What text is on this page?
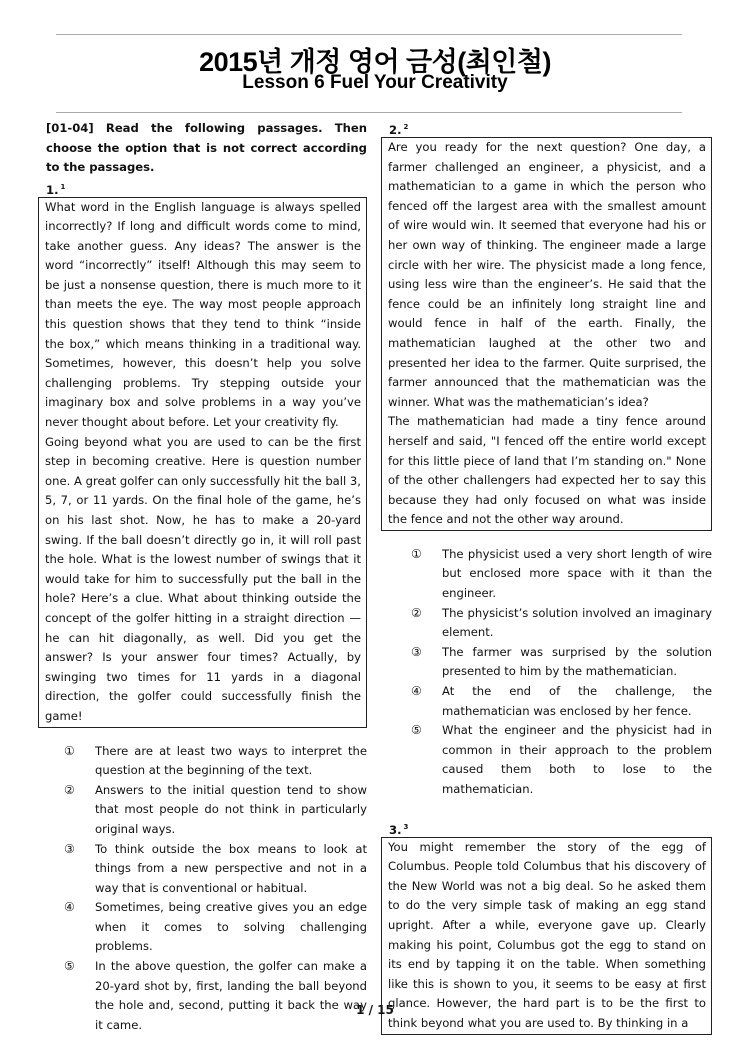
2015년 개정 영어 금성(최인철)
Lesson 6 Fuel Your Creativity
[01-04] Read the following passages. Then choose the option that is not correct according to the passages.
1. $^1$

What word in the English language is always spelled incorrectly? If long and difficult words come to mind, take another guess. Any ideas? The answer is the word “incorrectly” itself! Although this may seem to be just a nonsense question, there is much more to it than meets the eye. The way most people approach this question shows that they tend to think “inside the box,” which means thinking in a traditional way. Sometimes, however, this doesn’t help you solve challenging problems. Try stepping outside your imaginary box and solve problems in a way you’ve never thought about before. Let your creativity fly.

Going beyond what you are used to can be the first step in becoming creative. Here is question number one. A great golfer can only successfully hit the ball 3, 5, 7, or 11 yards. On the final hole of the game, he’s on his last shot. Now, he has to make a 20-yard swing. If the ball doesn’t directly go in, it will roll past the hole. What is the lowest number of swings that it would take for him to successfully put the ball in the hole? Here’s a clue. What about thinking outside the concept of the golfer hitting in a straight direction — he can hit diagonally, as well. Did you get the answer? Is your answer four times? Actually, by swinging two times for 11 yards in a diagonal direction, the golfer could successfully finish the game!

①	There are at least two ways to interpret the question at the beginning of the text.
②	Answers to the initial question tend to show that most people do not think in particularly original ways.
③	To think outside the box means to look at things from a new perspective and not in a way that is conventional or habitual.
④	Sometimes, being creative gives you an edge when it comes to solving challenging problems.
⑤	In the above question, the golfer can make a 20-yard shot by, first, landing the ball beyond the hole and, second, putting it back the way it came.
2. $^2$

Are you ready for the next question? One day, a farmer challenged an engineer, a physicist, and a mathematician to a game in which the person who fenced off the largest area with the smallest amount of wire would win. It seemed that everyone had his or her own way of thinking. The engineer made a large circle with her wire. The physicist made a long fence, using less wire than the engineer’s. He said that the fence could be an infinitely long straight line and would fence in half of the earth. Finally, the mathematician laughed at the other two and presented her idea to the farmer. Quite surprised, the farmer announced that the mathematician was the winner. What was the mathematician’s idea?

The mathematician had made a tiny fence around herself and said, "I fenced off the entire world except for this little piece of land that I’m standing on." None of the other challengers had expected her to say this because they had only focused on what was inside the fence and not the other way around.

①	The physicist used a very short length of wire but enclosed more space with it than the engineer.
②	The physicist’s solution involved an imaginary element.
③	The farmer was surprised by the solution presented to him by the mathematician.
④	At the end of the challenge, the mathematician was enclosed by her fence.
⑤	What the engineer and the physicist had in common in their approach to the problem caused them both to lose to the mathematician.
3. $^3$

You might remember the story of the egg of Columbus. People told Columbus that his discovery of the New World was not a big deal. So he asked them to do the very simple task of making an egg stand upright. After a while, everyone gave up. Clearly making his point, Columbus got the egg to stand on its end by tapping it on the table. When something like this is shown to you, it seems to be easy at first glance. However, the hard part is to be the first to think beyond what you are used to. By thinking in a

1 / 15
